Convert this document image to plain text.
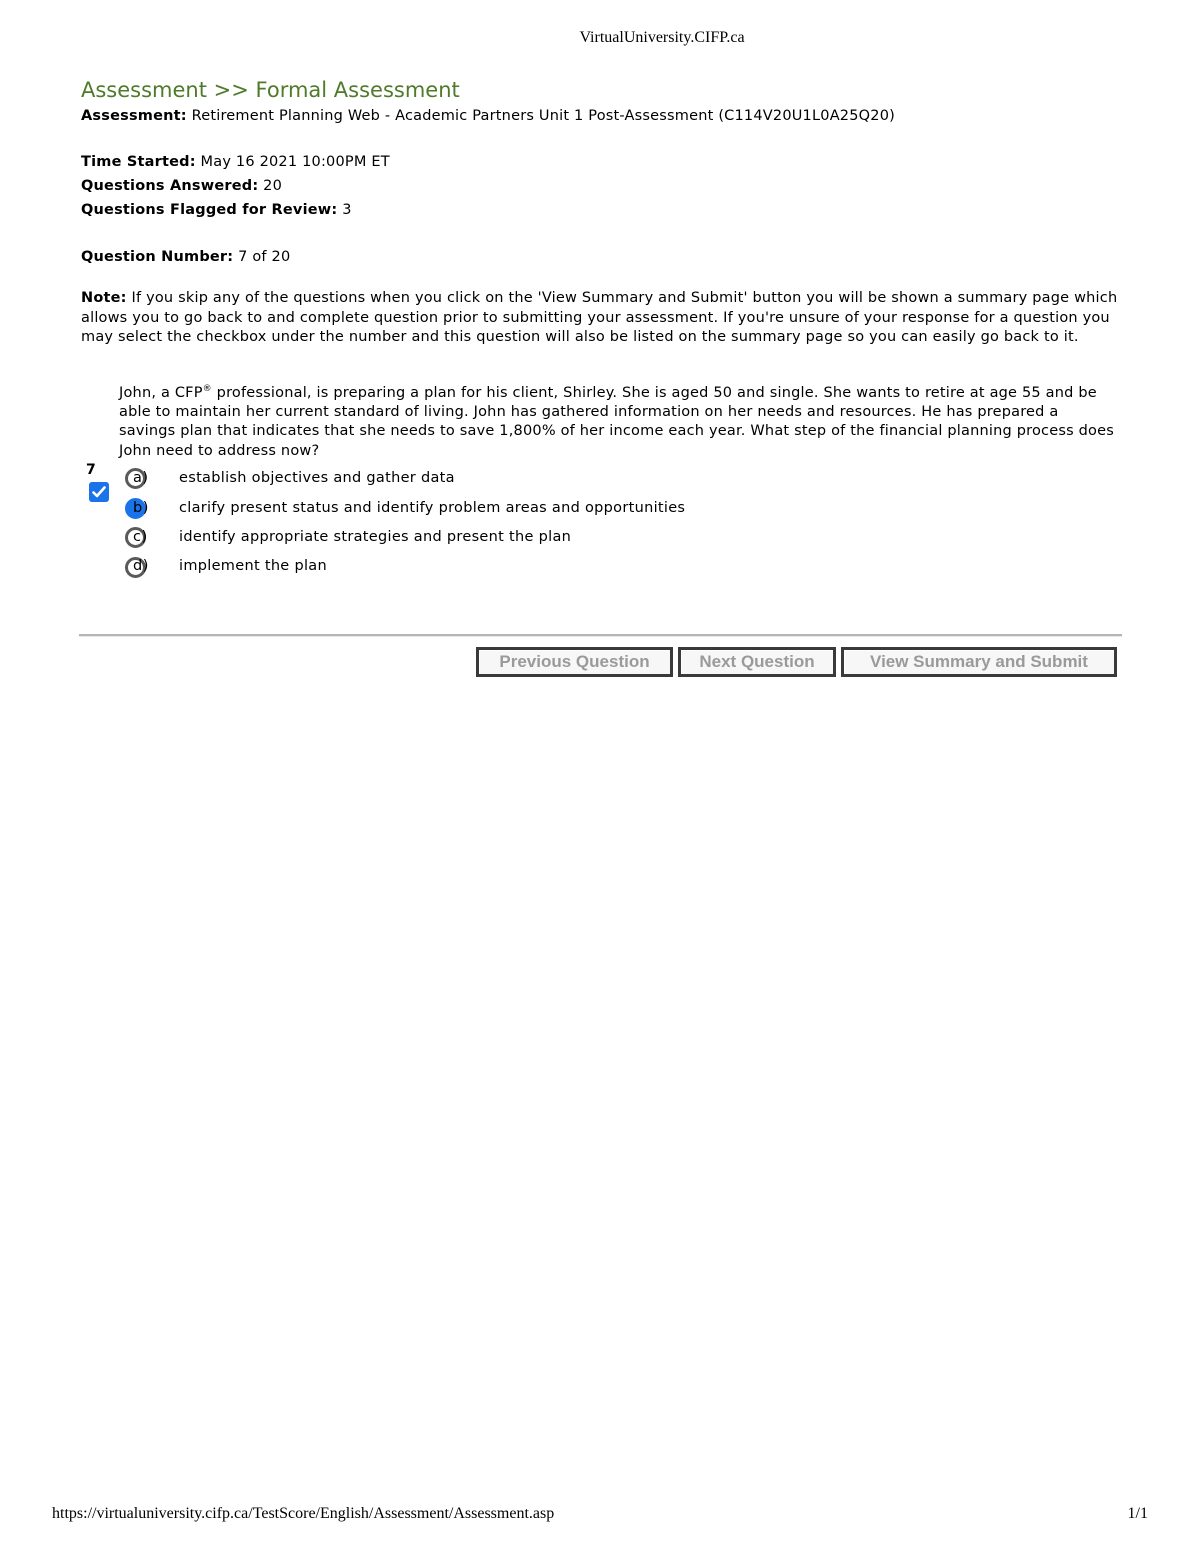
VirtualUniversity.CIFP.ca
Assessment >> Formal Assessment
Assessment: Retirement Planning Web - Academic Partners Unit 1 Post-Assessment (C114V20U1L0A25Q20)
Time Started: May 16 2021 10:00PM ET
Questions Answered: 20
Questions Flagged for Review: 3
Question Number: 7 of 20
Note: If you skip any of the questions when you click on the 'View Summary and Submit' button you will be shown a summary page which allows you to go back to and complete question prior to submitting your assessment. If you're unsure of your response for a question you may select the checkbox under the number and this question will also be listed on the summary page so you can easily go back to it.
John, a CFP® professional, is preparing a plan for his client, Shirley. She is aged 50 and single. She wants to retire at age 55 and be able to maintain her current standard of living. John has gathered information on her needs and resources. He has prepared a savings plan that indicates that she needs to save 1,800% of her income each year. What step of the financial planning process does John need to address now?
7	a)	establish objectives and gather data
b)	clarify present status and identify problem areas and opportunities
c)	identify appropriate strategies and present the plan
d)	implement the plan
Previous Question	Next Question	View Summary and Submit
https://virtualuniversity.cifp.ca/TestScore/English/Assessment/Assessment.asp	1/1
